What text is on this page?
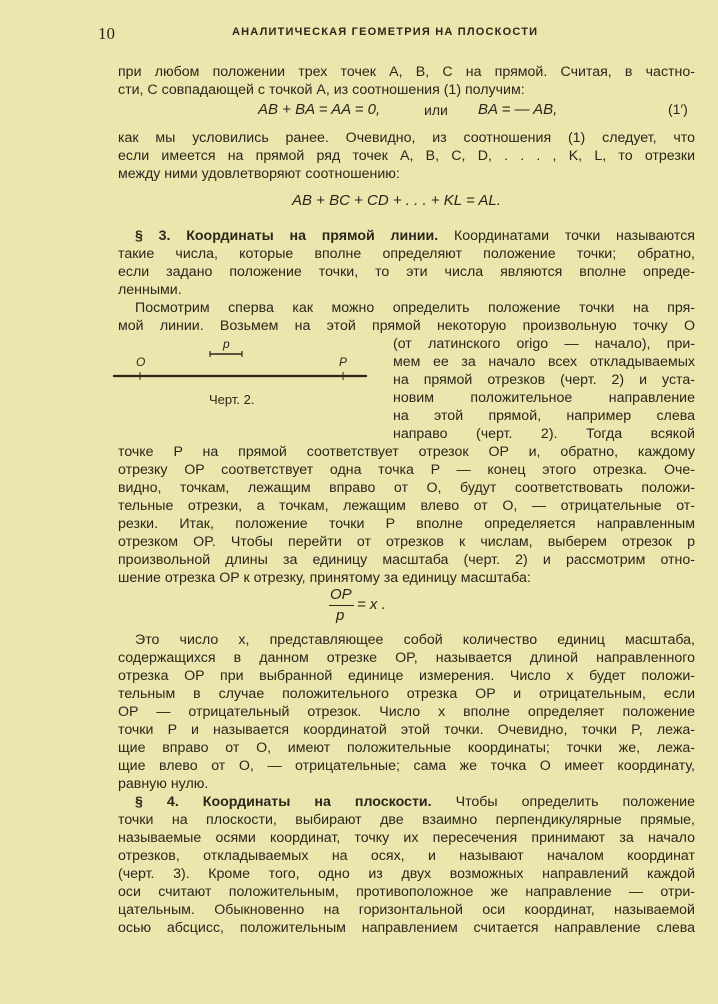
10	АНАЛИТИЧЕСКАЯ ГЕОМЕТРИЯ НА ПЛОСКОСТИ
при любом положении трех точек A, B, C на прямой. Считая, в частно-
сти, C совпадающей с точкой A, из соотношения (1) получим:
AB + BA = AA = 0,	или BA = — AB,	(1′)
как мы условились ранее. Очевидно, из соотношения (1) следует, что
если имеется на прямой ряд точек A, B, C, D, . . . , K, L, то отрезки
между ними удовлетворяют соотношению:
AB + BC + CD + . . . + KL = AL.
§ 3. Координаты на прямой линии. Координатами точки называются
такие числа, которые вполне определяют положение точки; обратно,
если задано положение точки, то эти числа являются вполне опреде-
ленными.
Посмотрим сперва как можно определить положение точки на пря-
мой линии. Возьмем на этой прямой некоторую произвольную точку O
O	P
p
Черт. 2.
(от латинского origo — начало), при-
мем ее за начало всех откладываемых
на прямой отрезков (черт. 2) и уста-
новим положительное направление
на этой прямой, например слева
направо (черт. 2). Тогда всякой
точке P на прямой соответствует отрезок OP и, обратно, каждому
отрезку OP соответствует одна точка P — конец этого отрезка. Оче-
видно, точкам, лежащим вправо от O, будут соответствовать положи-
тельные отрезки, а точкам, лежащим влево от O, — отрицательные от-
резки. Итак, положение точки P вполне определяется направленным
отрезком OP. Чтобы перейти от отрезков к числам, выберем отрезок p
произвольной длины за единицу масштаба (черт. 2) и рассмотрим отно-
шение отрезка OP к отрезку, принятому за единицу масштаба:
OP
p
= x .
Это число x, представляющее собой количество единиц масштаба,
содержащихся в данном отрезке OP, называется длиной направленного
отрезка OP при выбранной единице измерения. Число x будет положи-
тельным в случае положительного отрезка OP и отрицательным, если
OP — отрицательный отрезок. Число x вполне определяет положение
точки P и называется координатой этой точки. Очевидно, точки P, лежа-
щие вправо от O, имеют положительные координаты; точки же, лежа-
щие влево от O, — отрицательные; сама же точка O имеет координату,
равную нулю.
§ 4. Координаты на плоскости. Чтобы определить положение
точки на плоскости, выбирают две взаимно перпендикулярные прямые,
называемые осями координат, точку их пересечения принимают за начало
отрезков, откладываемых на осях, и называют началом координат
(черт. 3). Кроме того, одно из двух возможных направлений каждой
оси считают положительным, противоположное же направление — отри-
цательным. Обыкновенно на горизонтальной оси координат, называемой
осью абсцисс, положительным направлением считается направление слева
